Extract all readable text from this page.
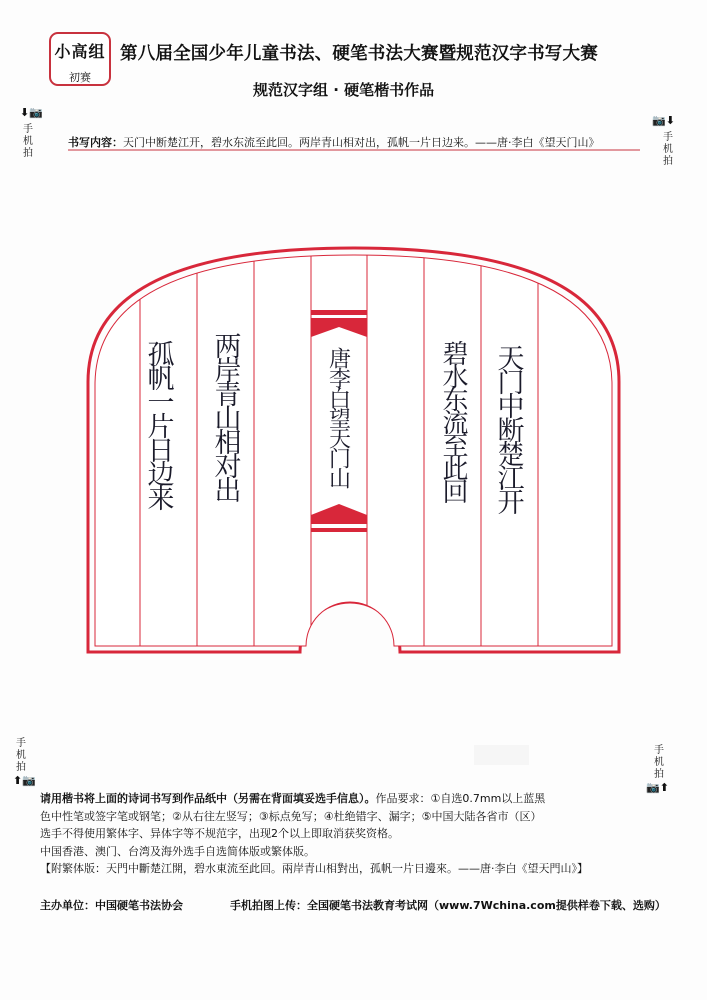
小高组
初赛
第八届全国少年儿童书法、硬笔书法大赛暨规范汉字书写大赛
规范汉字组 · 硬笔楷书作品
⬇📷
手机拍
📷⬇
手机拍
手机拍
⬆📷
手机拍
📷⬆
书写内容：天门中断楚江开，碧水东流至此回。两岸青山相对出，孤帆一片日边来。——唐·李白《望天门山》
孤帆一片日边来 两岸青山相对出	唐李白望天门山	碧水东流至此回 天门中断楚江开

请用楷书将上面的诗词书写到作品纸中（另需在背面填妥选手信息）。作品要求：①自选0.7mm以上蓝黑

色中性笔或签字笔或钢笔；②从右往左竖写；③标点免写；④杜绝错字、漏字；⑤中国大陆各省市（区）

选手不得使用繁体字、异体字等不规范字，出现2个以上即取消获奖资格。

中国香港、澳门、台湾及海外选手自选简体版或繁体版。

【附繁体版：天門中斷楚江開，碧水東流至此回。兩岸青山相對出，孤帆一片日邊來。——唐·李白《望天門山》】

主办单位：中国硬笔书法协会	手机拍图上传：全国硬笔书法教育考试网（www.7Wchina.com提供样卷下载、选购）
